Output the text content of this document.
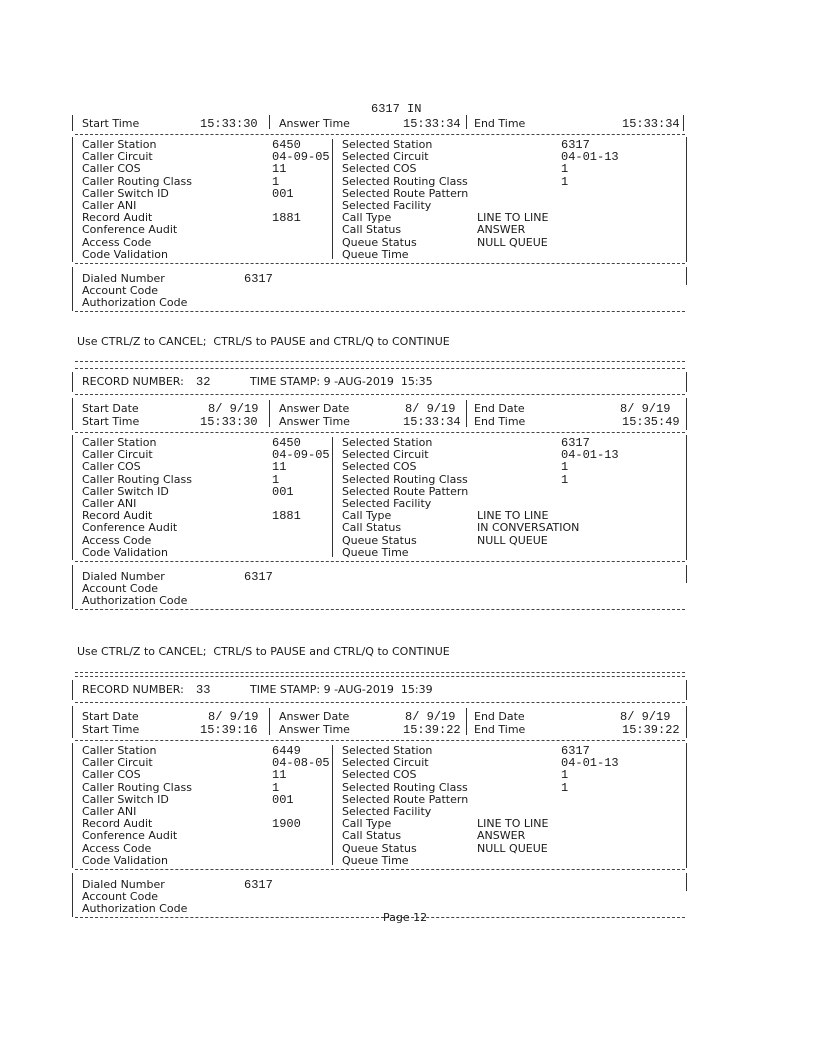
6317 IN
Start Time	15:33:30 Answer Time	15:33:34 End Time	15:33:34
Caller Station	6450
Caller Circuit	04-09-05
Caller COS	11
Caller Routing Class	1
Caller Switch ID	001
Caller ANI
Record Audit	1881
Conference Audit
Access Code
Code Validation
Selected Station	6317
Selected Circuit	04-01-13
Selected COS	1
Selected Routing Class	1
Selected Route Pattern
Selected Facility
Call Type	LINE TO LINE
Call Status	ANSWER
Queue Status	NULL QUEUE
Queue Time
Dialed Number	6317
Account Code
Authorization Code
Use CTRL/Z to CANCEL;  CTRL/S to PAUSE and CTRL/Q to CONTINUE
RECORD NUMBER: 32	TIME STAMP: 9 -AUG-2019  15:35
Start Date	8/ 9/19 Answer Date	8/ 9/19 End Date	8/ 9/19
Start Time	15:33:30 Answer Time	15:33:34 End Time	15:35:49
Caller Station	6450
Caller Circuit	04-09-05
Caller COS	11
Caller Routing Class	1
Caller Switch ID	001
Caller ANI
Record Audit	1881
Conference Audit
Access Code
Code Validation
Selected Station	6317
Selected Circuit	04-01-13
Selected COS	1
Selected Routing Class	1
Selected Route Pattern
Selected Facility
Call Type	LINE TO LINE
Call Status	IN CONVERSATION
Queue Status	NULL QUEUE
Queue Time
Dialed Number	6317
Account Code
Authorization Code
Use CTRL/Z to CANCEL;  CTRL/S to PAUSE and CTRL/Q to CONTINUE
RECORD NUMBER: 33	TIME STAMP: 9 -AUG-2019  15:39
Start Date	8/ 9/19 Answer Date	8/ 9/19 End Date	8/ 9/19
Start Time	15:39:16 Answer Time	15:39:22 End Time	15:39:22
Caller Station	6449
Caller Circuit	04-08-05
Caller COS	11
Caller Routing Class	1
Caller Switch ID	001
Caller ANI
Record Audit	1900
Conference Audit
Access Code
Code Validation
Selected Station	6317
Selected Circuit	04-01-13
Selected COS	1
Selected Routing Class	1
Selected Route Pattern
Selected Facility
Call Type	LINE TO LINE
Call Status	ANSWER
Queue Status	NULL QUEUE
Queue Time
Dialed Number	6317
Account Code
Authorization Code
Page 12
